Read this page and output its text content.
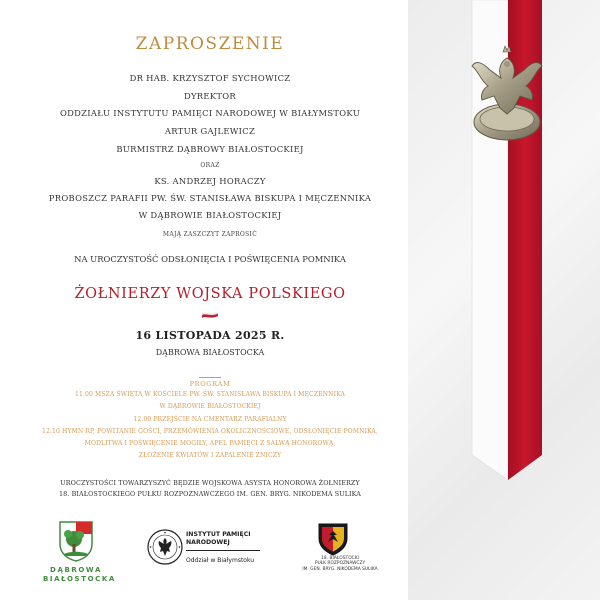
ZAPROSZENIE
DR HAB. KRZYSZTOF SYCHOWICZ
DYREKTOR
ODDZIAŁU INSTYTUTU PAMIĘCI NARODOWEJ W BIAŁYMSTOKU
ARTUR GAJLEWICZ
BURMISTRZ DĄBROWY BIAŁOSTOCKIEJ
ORAZ
KS. ANDRZEJ HORACZY
PROBOSZCZ PARAFII PW. ŚW. STANISŁAWA BISKUPA I MĘCZENNIKA
W DĄBROWIE BIAŁOSTOCKIEJ
MAJĄ ZASZCZYT ZAPROSIĆ
NA UROCZYSTOŚĆ ODSŁONIĘCIA I POŚWIĘCENIA POMNIKA
ŻOŁNIERZY WOJSKA POLSKIEGO
16 LISTOPADA 2025 R.
DĄBROWA BIAŁOSTOCKA
PROGRAM
11.00 MSZA ŚWIĘTA W KOŚCIELE PW. ŚW. STANISŁAWA BISKUPA I MĘCZENNIKA
W DĄBROWIE BIAŁOSTOCKIEJ
12.00 PRZEJŚCIE NA CMENTARZ PARAFIALNY
12.10 HYMN RP, POWITANIE GOŚCI, PRZEMÓWIENIA OKOLICZNOŚCIOWE, ODSŁONIĘCIE POMNIKA,
MODLITWA I POŚWIĘCENIE MOGIŁY, APEL PAMIĘCI Z SALWĄ HONOROWĄ,
ZŁOŻENIE KWIATÓW I ZAPALENIE ZNICZY
UROCZYSTOŚCI TOWARZYSZYĆ BĘDZIE WOJSKOWA ASYSTA HONOROWA ŻOŁNIERZY
18. BIAŁOSTOCKIEGO PUŁKU ROZPOZNAWCZEGO IM. GEN. BRYG. NIKODEMA SULIKA
DĄBROWA
BIAŁOSTOCKA
INSTYTUT PAMIĘCI
NARODOWEJ
Oddział w Białymstoku	18. BIAŁOSTOCKI
PUŁK ROZPOZNAWCZY
IM. GEN. BRYG. NIKODEMA SULIKA
